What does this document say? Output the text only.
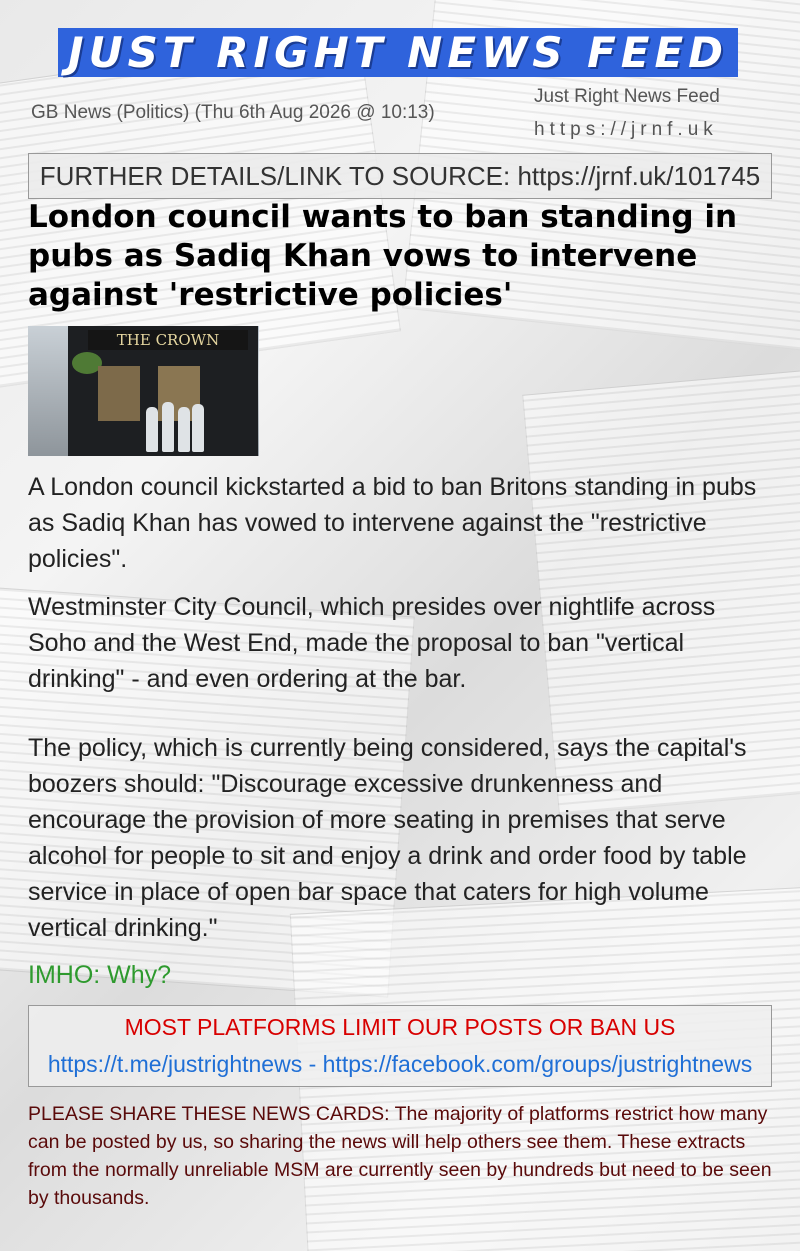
JUST RIGHT NEWS FEED
GB News (Politics) (Thu 6th Aug 2026 @ 10:13)
Just Right News Feed
https://jrnf.uk
FURTHER DETAILS/LINK TO SOURCE: https://jrnf.uk/101745
London council wants to ban standing in pubs as Sadiq Khan vows to intervene against 'restrictive policies'
THE CROWN

A London council kickstarted a bid to ban Britons standing in pubs as Sadiq Khan has vowed to intervene against the "restrictive policies".

Westminster City Council, which presides over nightlife across Soho and the West End, made the proposal to ban "vertical drinking" - and even ordering at the bar.

The policy, which is currently being considered, says the capital's boozers should: "Discourage excessive drunkenness and encourage the provision of more seating in premises that serve alcohol for people to sit and enjoy a drink and order food by table service in place of open bar space that caters for high volume vertical drinking."

IMHO: Why?
MOST PLATFORMS LIMIT OUR POSTS OR BAN US
https://t.me/justrightnews - https://facebook.com/groups/justrightnews

PLEASE SHARE THESE NEWS CARDS: The majority of platforms restrict how many can be posted by us, so sharing the news will help others see them. These extracts from the normally unreliable MSM are currently seen by hundreds but need to be seen by thousands.
